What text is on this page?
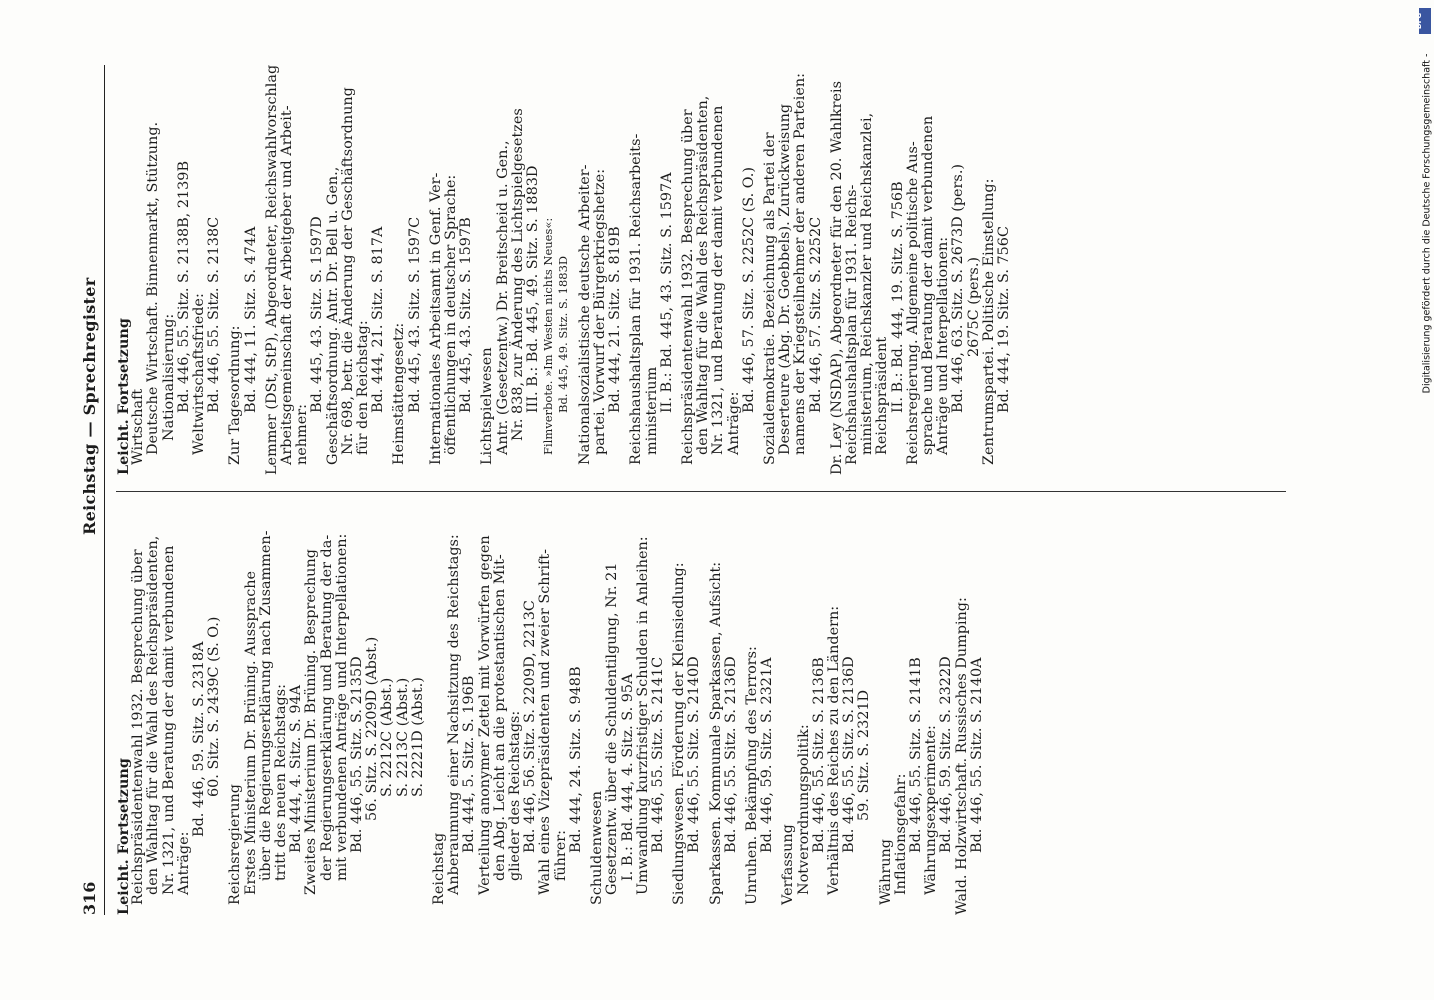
316
Reichstag — Sprechregister
Leicht. Fortsetzung
Reichspräsidentenwahl 1932. Besprechung über den Wahltag für die Wahl des Reichspräsidenten, Nr. 1321, und Beratung der damit verbundenen Anträge:
Bd. 446, 59. Sitz. S. 2318A 60. Sitz. S. 2439C (S. O.)
Reichsregierung Erstes Ministerium Dr. Brüning. Aussprache über die Regierungserklärung nach Zusammen- tritt des neuen Reichstags: Bd. 444, 4. Sitz. S. 94A Zweites Ministerium Dr. Brüning. Besprechung der Regierungserklärung und Beratung der da- mit verbundenen Anträge und Interpellationen: Bd. 446, 55. Sitz. S. 2135D 56. Sitz. S. 2209D (Abst.) S. 2212C (Abst.) S. 2213C (Abst.) S. 2221D (Abst.)
Reichstag Anberaumung einer Nachsitzung des Reichstags: Bd. 444, 5. Sitz. S. 196B Verteilung anonymer Zettel mit Vorwürfen gegen den Abg. Leicht an die protestantischen Mit- glieder des Reichstags: Bd. 446, 56. Sitz. S. 2209D, 2213C Wahl eines Vizepräsidenten und zweier Schrift- führer:
Bd. 444, 24. Sitz. S. 948B Schuldenwesen Gesetzentw. über die Schuldentilgung, Nr. 21 I. B.: Bd. 444, 4. Sitz. S. 95A Umwandlung kurzfristiger Schulden in Anleihen: Bd. 446, 55. Sitz. S. 2141C Siedlungswesen. Förderung der Kleinsiedlung: Bd. 446, 55. Sitz. S. 2140D Sparkassen. Kommunale Sparkassen, Aufsicht: Bd. 446, 55. Sitz. S. 2136D Unruhen. Bekämpfung des Terrors: Bd. 446, 59. Sitz. S. 2321A
Verfassung Notverordnungspolitik: Bd. 446, 55. Sitz. S. 2136B Verhältnis des Reiches zu den Ländern: Bd. 446, 55. Sitz. S. 2136D 59. Sitz. S. 2321D
Währung Inflationsgefahr: Bd. 446, 55. Sitz. S. 2141B Währungsexperimente: Bd. 446, 59. Sitz. S. 2322D Wald. Holzwirtschaft. Russisches Dumping: Bd. 446, 55. Sitz. S. 2140A
Leicht. Fortsetzung
Wirtschaft Deutsche Wirtschaft. Binnenmarkt, Stützung. Nationalisierung: Bd. 446, 55. Sitz. S. 2138B, 2139B Weltwirtschaftsfriede: Bd. 446, 55. Sitz. S. 2138C Zur Tagesordnung: Bd. 444, 11. Sitz. S. 474A Lemmer (DSt, StP), Abgeordneter, Reichswahlvorschlag Arbeitsgemeinschaft der Arbeitgeber und Arbeit- nehmer:
Bd. 445, 43. Sitz. S. 1597D Geschäftsordnung. Antr. Dr. Bell u. Gen., Nr. 698, betr. die Änderung der Geschäftsordnung für den Reichstag: Bd. 444, 21. Sitz. S. 817A Heimstättengesetz: Bd. 445, 43. Sitz. S. 1597C Internationales Arbeitsamt in Genf. Ver- öffentlichungen in deutscher Sprache: Bd. 445, 43. Sitz. S. 1597B Lichtspielwesen Antr. (Gesetzentw.) Dr. Breitscheid u. Gen., Nr. 838, zur Änderung des Lichtspielgesetzes III. B.: Bd. 445, 49. Sitz. S. 1883D Filmverbote. »Im Westen nichts Neues«: Bd. 445, 49. Sitz. S. 1883D Nationalsozialistische deutsche Arbeiter- partei. Vorwurf der Bürgerkriegshetze: Bd. 444, 21. Sitz. S. 819B Reichshaushaltsplan für 1931. Reichsarbeits- ministerium II. B.: Bd. 445, 43. Sitz. S. 1597A Reichspräsidentenwahl 1932. Besprechung über den Wahltag für die Wahl des Reichspräsidenten, Nr. 1321, und Beratung der damit verbundenen Anträge:
Bd. 446, 57. Sitz. S. 2252C (S. O.) Sozialdemokratie. Bezeichnung als Partei der Deserteure (Abg. Dr. Goebbels). Zurückweisung namens der Kriegsteilnehmer der anderen Parteien: Bd. 446, 57. Sitz. S. 2252C Dr. Ley (NSDAP), Abgeordneter für den 20. Wahlkreis Reichshaushaltsplan für 1931. Reichs- ministerium, Reichskanzler und Reichskanzlei, Reichspräsident II. B.: Bd. 444, 19. Sitz. S. 756B Reichsregierung. Allgemeine politische Aus- sprache und Beratung der damit verbundenen Anträge und Interpellationen: Bd. 446, 63. Sitz. S. 2673D (pers.) 2675C (pers.) Zentrumspartei. Politische Einstellung: Bd. 444, 19. Sitz. S. 756C
DFG
Digitalisierung gefördert durch die Deutsche Forschungsgemeinschaft -
